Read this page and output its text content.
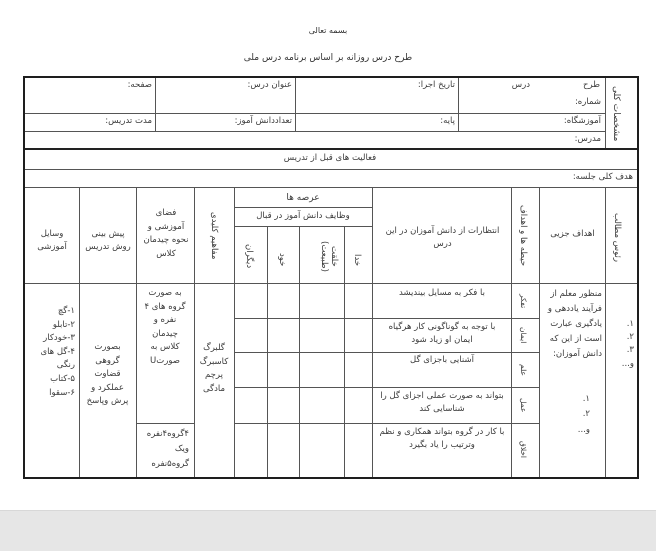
بسمه تعالی
طرح درس روزانه بر اساس برنامه درس ملی
مشخصات کلی
طرح
درس
شماره:
تاریخ اجرا:
عنوان درس:
صفحه:
آموزشگاه:
پایه:
تعداددانش آموز:
مدت تدریس:
مدرس:
فعالیت های قبل از تدریس
هدف کلی جلسه:
رئوس مطالب
اهداف جزیی
حیطه ها و اهداف
انتظارات از دانش آموزان در این درس
عرصه ها
وظایف دانش آموز در قبال
خدا
خلقت (طبیعت)
خود
دیگران
مفاهیم کلیدی
فضای آموزشی و نحوه چیدمان کلاس
پیش بینی روش تدریس
وسایل آموزشی
۱.
۲.
۳.
و...
منظور معلم از فرآیند یاددهی و یادگیری عبارت است از این که دانش آموزان:
۱.
۲.
و...
تفکر
ایمان
علم
عمل
اخلاق
با فکر به مسایل بیندیشد
با توجه به گوناگونی کار هرگیاه ایمان او زیاد شود
آشنایی باجزای گل
بتواند به صورت عملی اجزای گل را شناسایی کند
با کار در گروه بتواند همکاری و نظم وترتیب را یاد بگیرد
گلبرگ
کاسبرگ
پرچم
مادگی
به صورت
گروه های ۴
نفره و
چیدمان
کلاس به
صورتU
۴گروه۴نفره
ویک
گروه۵نفره
بصورت
گروهی
قضاوت
عملکرد و
پرش وپاسخ
۱-گچ
۲-تابلو
۳-خودکار
۴-گل های
رنگی
۵-کتاب
۶-سقوا
